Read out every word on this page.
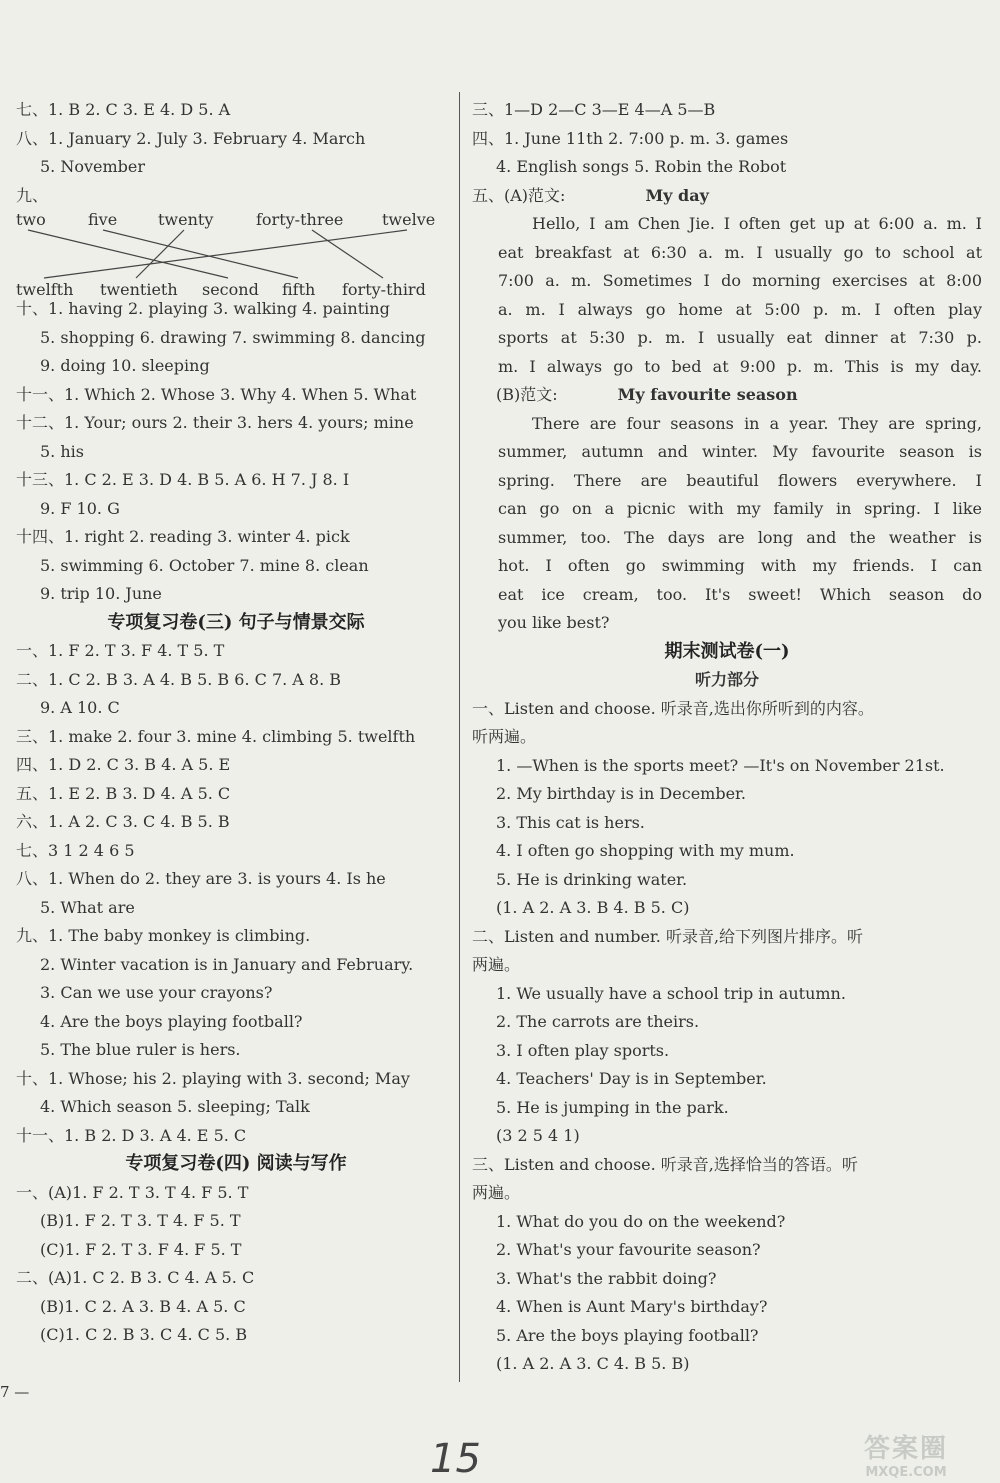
七、1. B 2. C 3. E 4. D 5. A
八、1. January 2. July 3. February 4. March
5. November
九、
two	five	twenty	forty-three twelve
twelfth twentieth second fifth forty-third
十、1. having 2. playing 3. walking 4. painting
5. shopping 6. drawing 7. swimming 8. dancing
9. doing 10. sleeping
十一、1. Which 2. Whose 3. Why 4. When 5. What
十二、1. Your; ours 2. their 3. hers 4. yours; mine
5. his
十三、1. C 2. E 3. D 4. B 5. A 6. H 7. J 8. I
9. F 10. G
十四、1. right 2. reading 3. winter 4. pick
5. swimming 6. October 7. mine 8. clean
9. trip 10. June
专项复习卷(三) 句子与情景交际
一、1. F 2. T 3. F 4. T 5. T
二、1. C 2. B 3. A 4. B 5. B 6. C 7. A 8. B
9. A 10. C
三、1. make 2. four 3. mine 4. climbing 5. twelfth
四、1. D 2. C 3. B 4. A 5. E
五、1. E 2. B 3. D 4. A 5. C
六、1. A 2. C 3. C 4. B 5. B
七、3 1 2 4 6 5
八、1. When do 2. they are 3. is yours 4. Is he
5. What are
九、1. The baby monkey is climbing.
2. Winter vacation is in January and February.
3. Can we use your crayons?
4. Are the boys playing football?
5. The blue ruler is hers.
十、1. Whose; his 2. playing with 3. second; May
4. Which season 5. sleeping; Talk
十一、1. B 2. D 3. A 4. E 5. C
专项复习卷(四) 阅读与写作
一、(A)1. F 2. T 3. T 4. F 5. T
(B)1. F 2. T 3. T 4. F 5. T
(C)1. F 2. T 3. F 4. F 5. T
二、(A)1. C 2. B 3. C 4. A 5. C
(B)1. C 2. A 3. B 4. A 5. C
(C)1. C 2. B 3. C 4. C 5. B
三、1—D 2—C 3—E 4—A 5—B
四、1. June 11th 2. 7:00 p. m. 3. games
4. English songs 5. Robin the Robot
五、(A)范文:	My day
Hello, I am Chen Jie. I often get up at 6:00 a. m. I
eat breakfast at 6:30 a. m. I usually go to school at
7:00 a. m. Sometimes I do morning exercises at 8:00
a. m. I always go home at 5:00 p. m. I often play
sports at 5:30 p. m. I usually eat dinner at 7:30 p.
m. I always go to bed at 9:00 p. m. This is my day.
(B)范文:	My favourite season
There are four seasons in a year. They are spring,
summer, autumn and winter. My favourite season is
spring. There are beautiful flowers everywhere. I
can go on a picnic with my family in spring. I like
summer, too. The days are long and the weather is
hot. I often go swimming with my friends. I can
eat ice cream, too. It's sweet! Which season do
you like best?
期末测试卷(一)
听力部分
一、Listen and choose. 听录音,选出你所听到的内容。
听两遍。
1. —When is the sports meet? —It's on November 21st.
2. My birthday is in December.
3. This cat is hers.
4. I often go shopping with my mum.
5. He is drinking water.
(1. A 2. A 3. B 4. B 5. C)
二、Listen and number. 听录音,给下列图片排序。听
两遍。
1. We usually have a school trip in autumn.
2. The carrots are theirs.
3. I often play sports.
4. Teachers' Day is in September.
5. He is jumping in the park.
(3 2 5 4 1)
三、Listen and choose. 听录音,选择恰当的答语。听
两遍。
1. What do you do on the weekend?
2. What's your favourite season?
3. What's the rabbit doing?
4. When is Aunt Mary's birthday?
5. Are the boys playing football?
(1. A 2. A 3. C 4. B 5. B)
7 —
15	答案圈
MXQE.COM
